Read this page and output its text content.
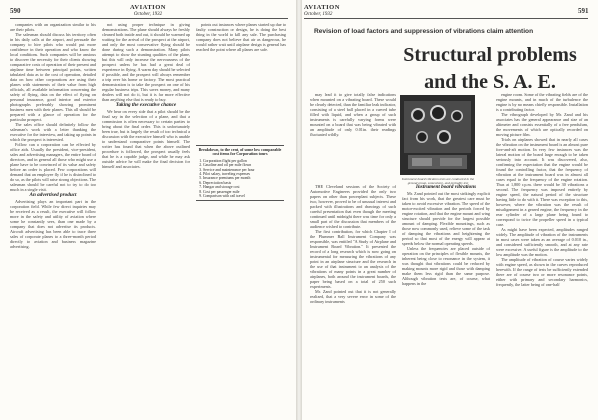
590	AVIATION
October, 1932

companies with an organization similar to his are their pilots.

The salesman should discuss his territory often in his daily calls at the airport, and persuade the company to hire pilots who would put more confidence in their operation and who know the local conditions. Such companies will be anxious to discover the necessity for their clients showing comparative costs of operation of their present and airplane time between principal points, written tabulated data as to the cost of operation, detailed data on how other corporations are using their planes with statements of their value from high officials, all available information concerning the safety of flying, data on the effect of flying on personal insurance, good interior and exterior photographs preferably showing prominent business men with their planes. This all should be prepared with a glance of operation for the particular prospect.

The sales office should definitely follow the salesman's work with a letter thanking the executive for the interview, and taking up points in which the prospect is interested.

Follow can a corporation can be effected by office aids. Usually the president, vice-president, sales and advertising managers, the entire board of directors, and in general all those who might use a plane have to be convinced of its value and safety before an order is placed. Few corporations will demand that an employee fly if he is disinclined to do so, as the pilots will raise strong objections. The salesman should be careful not to try to do too much in a single visit.

An advertised product

Advertising plays an important part in the corporation field. While few direct inquiries may be received as a result, the executive will follow more in the safety and utility of aviation where some he constantly sees, than one made by a company that does not advertise its products. Aircraft advertising has been able to trace three sales of corporate planes to a three-month period directly to aviation and business magazine advertising.

not using proper technique in giving demonstrations. The plane should always be freshly cleaned both inside and out, it should be warmed up waiting for the arrival of the prospect at the airport, and only the most conservative flying should be done during such a demonstration. Many pilots attempt to show the stunting qualities of the plane, but this will only increase the nervousness of the prospect unless he has had a great deal of experience in flying. A warm day should be selected if possible, and the prospect will always remember a trip over his home or factory. The most practical demonstration is to take the prospect on one of his regular business trips. This saves money, and many dealers will not do it, but it is far more effective than anything else that is ready to buy.

Taking the executive chance

We hear on every side that a pilot should be the final say in the selection of a plane, and that a commission is often necessary to certain parties to bring about the final order. This is unfortunately been true, but is largely the result of too technical a discussion with the executive himself who is unable to understand comparative points himself. The writer has found that when the above outlined procedure is followed, the prospect usually feels that he is a capable judge, and while he may ask outside advice he will make the final decision for himself and associates.

points out instances where planes started up due to faulty construction or design, he is doing the best thing in the world to kill any sale. The purchasing company does not believe that air as dangerous, he would rather wait until airplane design is general has reached the point where all planes are safe.

Breakdown, to the cent, of some low comparable cost items for Corporation tours
1. Corporation flight per gallon
2. Gasoline and oil per mile flown
3. Service and maintenance per hour
4. Pilot salary, traveling expenses
5. Insurance premiums per month
6. Depreciation basis
7. Hangar and storage cost
8. Cost per passenger mile
9. Comparison with rail travel
AVIATION
October, 1932	591
Revision of load factors and suppression of vibrations claim attention
Structural problems
and the S. A. E.

may lead it to give totally false indications when mounted on a vibrating board. These would be clearly detected, than the familiar leak indicator, consisting of a steel ball placed in a curved tube filled with liquid, and when a group of such instruments is carefully varying forms were mounted on a board that was being vibrated with an amplitude of only 0.01in. their readings fluctuated wildly.

Instrument board vibration tests are conducted in the ground group, somewhere, and probably test

THE Cleveland sessions of the Society of Automotive Engineers provided the only two papers on other than powerplant subjects. These two, however, proved to be of unusual interest and packed with illustrations and drawings of such careful presentation that even though the meeting continued until midnight there was time for only a small part of the discussion that members of the audience wished to contribute.

The first contribution, for which Chapter I of the Plummer Ball Instrument Company was responsible, was entitled "A Study of Airplane and Instrument Board Vibration." It presented the record of a long research which is now going on instrumental for measuring the vibrations of any point in an airplane structure and the research in the use of that instrument to an analysis of the vibrations of many points in a great number of airplanes, both around the instrument boards, the paper being based on a total of 250 such experiments.

Mr. Zand pointed out that it is not generally realized, that a very severe error in some of the ordinary instruments

Instrument board vibrations

Mr. Zand pointed out the most strikingly explicit fact from his work, that the greatest care must be taken to avoid excessive vibration. The speed of the motor-excited vibration and the periods forced by engine rotation, and that the engine mount and wing structure should provide for the largest possible amount of damping. Flexible mountings, such as those now commonly used, relieve some of the task of damping the vibrations and heightening the period so that most of the energy will appear at speeds below the normal operating speeds.

Unless the frequencies are placed outside of operation on the principles of flexible mounts, the inherent being close to resonance in the system, it was thought that vibrations could be reduced by making mounts more rigid and those with damping make them less rigid than the same purpose. Although vibration tests are, of course, what happens in the

engine room. Some of the vibrating fields are of the engine mounts, and in much of the turbulence the engine is by no means chiefly responsible. Installation is a contributing factor.

The vibrograph developed by Mr. Zand and his associates has the general appearance and size of an altimeter and consists essentially of a free pendulum, the movements of which are optically recorded on moving picture film.

Trials on airplanes showed that in nearly all cases the vibration on the instrument board is an almost pure fore-and-aft motion. In very few instances was the lateral motion of the board large enough to be taken seriously into account. It was discovered, also, confirming the expectation that the engine would be found the controlling factor, that the frequency of vibration at the instrument board was in almost all cases equal to the frequency of the engine rotation. Thus at 1,800 r.p.m. there would be 30 vibrations a second. The frequency was imposed entirely by engine speed, the natural period of the structure having little to do with it. There was exception to this, however, where the vibration was the result of misalignment in a geared engine, the frequency in the rear cylinder of a large plane being found to correspond to twice the propeller speed in a typical case.

As might have been expected, amplitudes ranged widely. The amplitude of vibration of the instruments in most cases were taken as an average of 0.010 in., and considered sufficiently smooth, and at any rate were excessive. A useful figure is the amplitude to the low amplitude was the motion.

The amplitude of vibration of course varies widely with engine speed, as shown in the curves reproduced herewith. If the range of tests be sufficiently extended there are of course two or more resonance points, either with primary and secondary harmonics, frequently, the latter being of one-half
